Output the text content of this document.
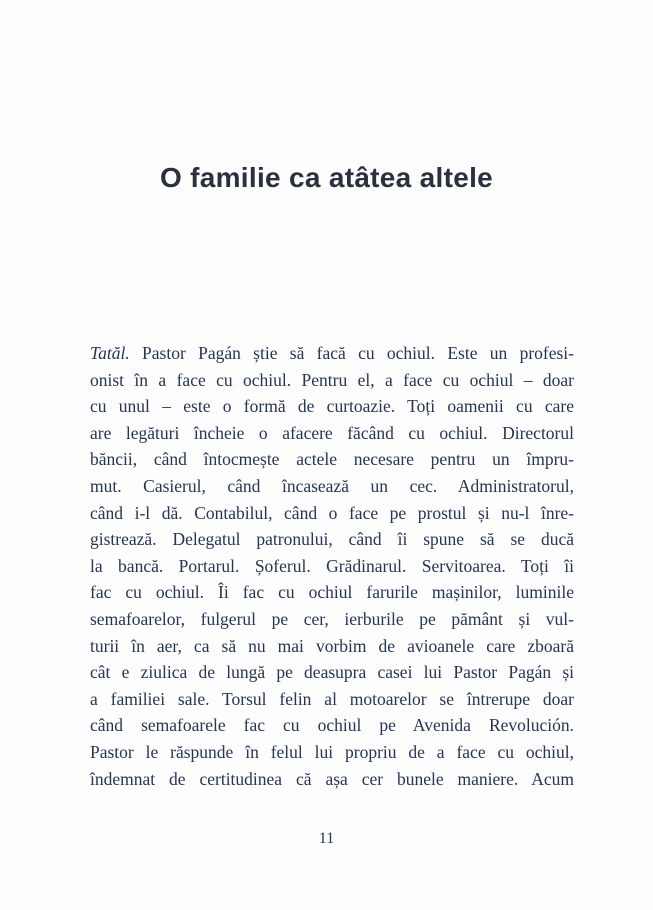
O familie ca atâtea altele
Tatăl. Pastor Pagán știe să facă cu ochiul. Este un profesi-
onist în a face cu ochiul. Pentru el, a face cu ochiul – doar
cu unul – este o formă de curtoazie. Toți oamenii cu care
are legături încheie o afacere făcând cu ochiul. Directorul
băncii, când întocmește actele necesare pentru un împru-
mut. Casierul, când încasează un cec. Administratorul,
când i-l dă. Contabilul, când o face pe prostul și nu-l înre-
gistrează. Delegatul patronului, când îi spune să se ducă
la bancă. Portarul. Șoferul. Grădinarul. Servitoarea. Toți îi
fac cu ochiul. Îi fac cu ochiul farurile mașinilor, luminile
semafoarelor, fulgerul pe cer, ierburile pe pământ și vul-
turii în aer, ca să nu mai vorbim de avioanele care zboară
cât e ziulica de lungă pe deasupra casei lui Pastor Pagán și
a familiei sale. Torsul felin al motoarelor se întrerupe doar
când semafoarele fac cu ochiul pe Avenida Revolución.
Pastor le răspunde în felul lui propriu de a face cu ochiul,
îndemnat de certitudinea că așa cer bunele maniere. Acum
11
